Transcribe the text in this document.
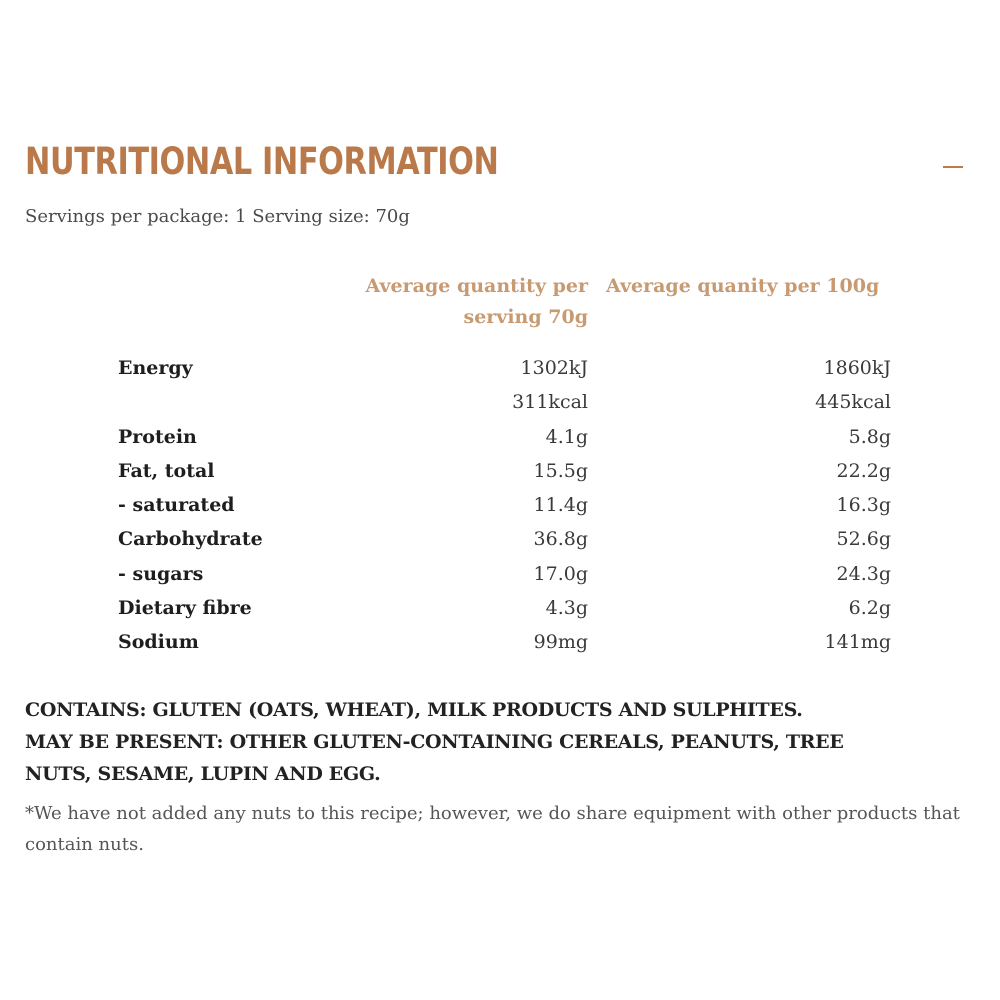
NUTRITIONAL INFORMATION
Servings per package: 1 Serving size: 70g
Average quantity per serving 70g
Average quanity per 100g
Energy	1302kJ	1860kJ
311kcal	445kcal
Protein	4.1g	5.8g
Fat, total	15.5g	22.2g
- saturated	11.4g	16.3g
Carbohydrate	36.8g	52.6g
- sugars	17.0g	24.3g
Dietary fibre	4.3g	6.2g
Sodium	99mg	141mg
CONTAINS: GLUTEN (OATS, WHEAT), MILK PRODUCTS AND SULPHITES.
MAY BE PRESENT: OTHER GLUTEN-CONTAINING CEREALS, PEANUTS, TREE
NUTS, SESAME, LUPIN AND EGG.
*We have not added any nuts to this recipe; however, we do share equipment with other products that contain nuts.
